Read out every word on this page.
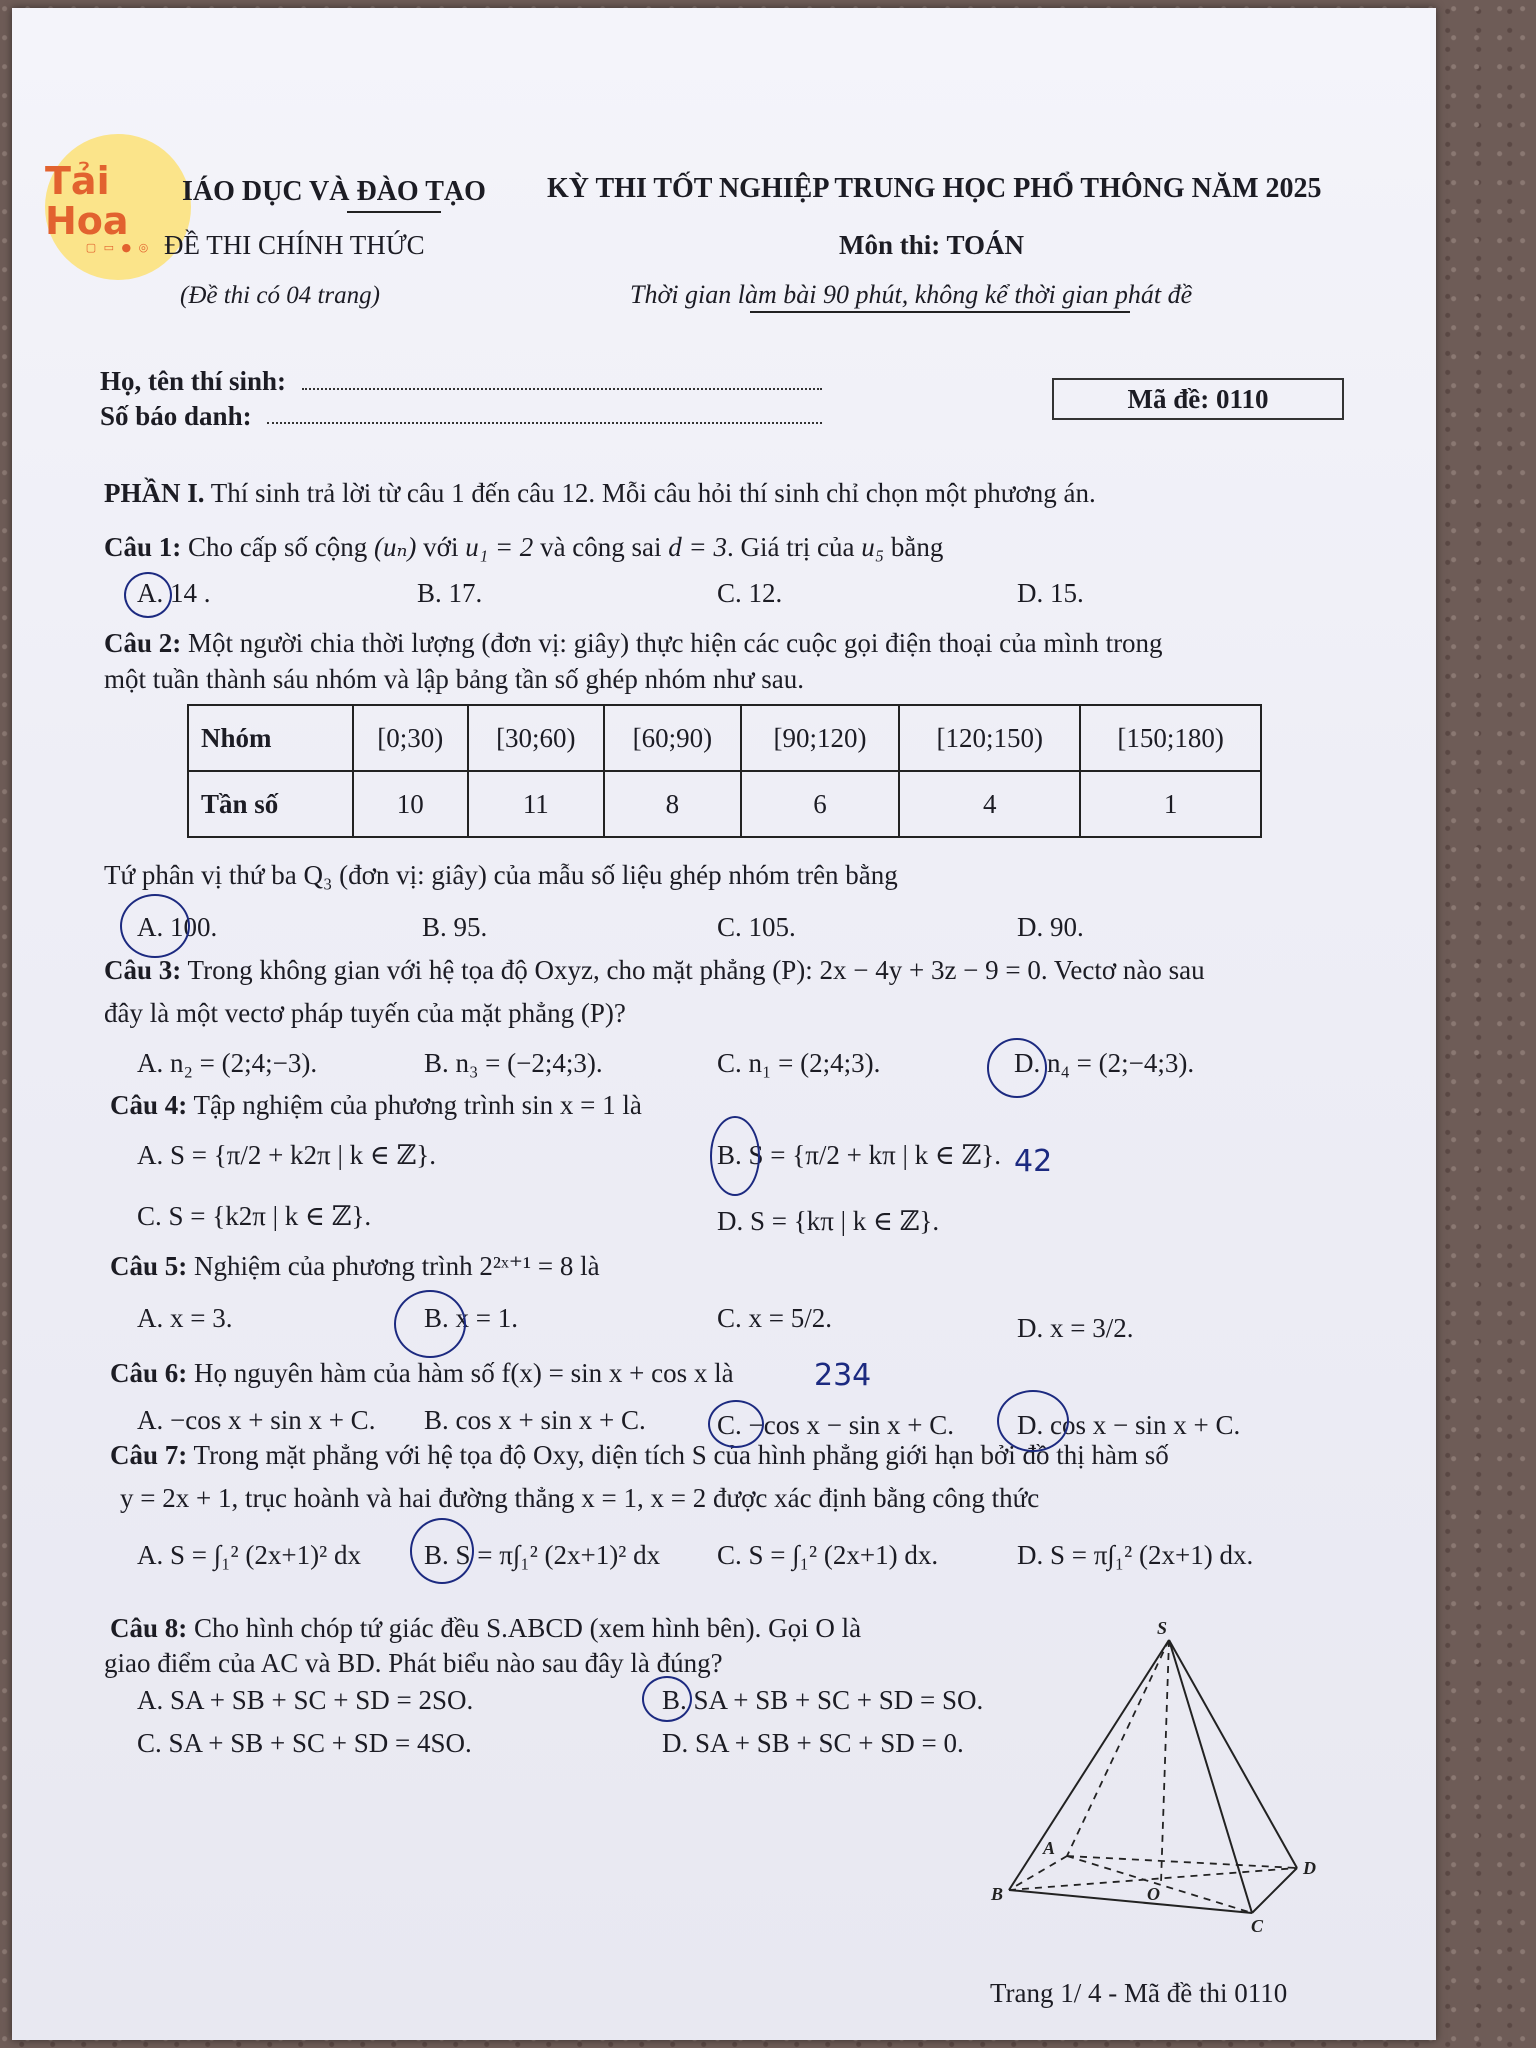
Tải Hoa
▢ ▭ ● ◎
IÁO DỤC VÀ ĐÀO TẠO
ĐỀ THI CHÍNH THỨC
(Đề thi có 04 trang)
KỲ THI TỐT NGHIỆP TRUNG HỌC PHỔ THÔNG NĂM 2025
Môn thi: TOÁN
Thời gian làm bài 90 phút, không kể thời gian phát đề
Họ, tên thí sinh:
Số báo danh:
Mã đề:
0110
PHẦN I. Thí sinh trả lời từ câu 1 đến câu 12. Mỗi câu hỏi thí sinh chỉ chọn một phương án.
Câu 1: Cho cấp số cộng (uₙ) với u₁ = 2 và công sai d = 3. Giá trị của u₅ bằng
A. 14 .	B. 17.	C. 12.	D. 15.
Câu 2: Một người chia thời lượng (đơn vị: giây) thực hiện các cuộc gọi điện thoại của mình trong
một tuần thành sáu nhóm và lập bảng tần số ghép nhóm như sau.
Nhóm	[0;30)	[30;60)	[60;90)	[90;120)	[120;150)	[150;180)
Tần số	10	11	8	6	4	1
Tứ phân vị thứ ba Q₃ (đơn vị: giây) của mẫu số liệu ghép nhóm trên bằng
A. 100.	B. 95.	C. 105.	D. 90.
Câu 3: Trong không gian với hệ tọa độ Oxyz, cho mặt phẳng (P): 2x − 4y + 3z − 9 = 0. Vectơ nào sau
đây là một vectơ pháp tuyến của mặt phẳng (P)?
A. n₂ = (2;4;−3).	B. n₃ = (−2;4;3).	C. n₁ = (2;4;3).	D. n₄ = (2;−4;3).
Câu 4: Tập nghiệm của phương trình sin x = 1 là
A. S = {π/2 + k2π | k ∈ ℤ}.	B. S = {π/2 + kπ | k ∈ ℤ}.
C. S = {k2π | k ∈ ℤ}.	D. S = {kπ | k ∈ ℤ}.
Câu 5: Nghiệm của phương trình 2²ˣ⁺¹ = 8 là
A. x = 3.	B. x = 1.	C. x = 5/2.	D. x = 3/2.
Câu 6: Họ nguyên hàm của hàm số f(x) = sin x + cos x là
A. −cos x + sin x + C. B. cos x + sin x + C.	C. −cos x − sin x + C. D. cos x − sin x + C.
Câu 7: Trong mặt phẳng với hệ tọa độ Oxy, diện tích S của hình phẳng giới hạn bởi đồ thị hàm số
y = 2x + 1, trục hoành và hai đường thẳng x = 1, x = 2 được xác định bằng công thức
A. S = ∫₁² (2x+1)² dx B. S = π∫₁² (2x+1)² dx C. S = ∫₁² (2x+1) dx.	D. S = π∫₁² (2x+1) dx.
Câu 8: Cho hình chóp tứ giác đều S.ABCD (xem hình bên). Gọi O là
giao điểm của AC và BD. Phát biểu nào sau đây là đúng?
A. SA + SB + SC + SD = 2SO.	B. SA + SB + SC + SD = SO.
C. SA + SB + SC + SD = 4SO.	D. SA + SB + SC + SD = 0.
S
A
B
C
D
O
42
234
Trang 1/ 4 - Mã đề thi 0110
